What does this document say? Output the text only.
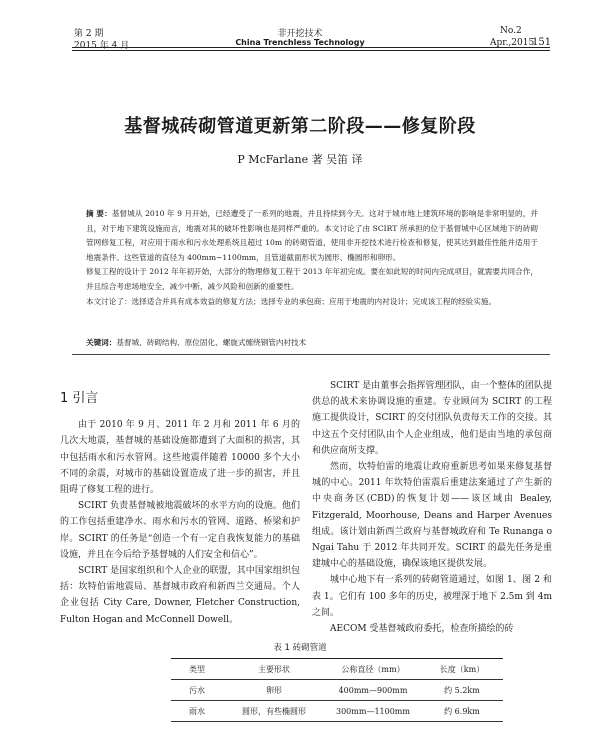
第 2 期	非开挖技术	No.2
2015 年 4 月	China Trenchless Technology	Apr.,2015
151
基督城砖砌管道更新第二阶段——修复阶段
P McFarlane 著 吴笛 译

摘 要：基督城从 2010 年 9 月开始，已经遭受了一系列的地震，并且持续到今天。这对于城市地上建筑环境的影响是非常明显的，并且，对于地下建筑设施而言，地震对其的破坏性影响也是同样严重的。本文讨论了由 SCIRT 所承担的位于基督城中心区域地下的砖砌管网修复工程，对应用于雨水和污水处理系统且超过 10m 的砖砌管道，使用非开挖技术进行检查和修复，使其达到最佳性能并适用于地震条件。这些管道的直径为 400mm~1100mm，且管道截面形状为圆形、椭圆形和卵形。

修复工程的设计于 2012 年年初开始，大部分的物理修复工程于 2013 年年初完成。要在如此短的时间内完成项目，就需要共同合作，并且综合考虑场地安全、减少中断、减少风险和创新的重要性。

本文讨论了：选择适合并具有成本效益的修复方法；选择专业的承包商；应用于地震的内衬设计；完成该工程的经验实施。

关键词：基督城、砖砌结构、原位固化、螺旋式缠绕钢管内衬技术
1 引言

由于 2010 年 9 月、2011 年 2 月和 2011 年 6 月的几次大地震，基督城的基础设施都遭到了大面积的损害，其中包括雨水和污水管网。这些地震伴随着 10000 多个大小不同的余震，对城市的基础设置造成了进一步的损害，并且阻碍了修复工程的进行。

SCIRT 负责基督城被地震破坏的水平方向的设施。他们的工作包括重建净水、雨水和污水的管网、道路、桥梁和护岸。SCIRT 的任务是“创造一个有一定自我恢复能力的基础设施，并且在今后给予基督城的人们安全和信心”。

SCIRT 是国家组织和个人企业的联盟，其中国家组织包括：坎特伯雷地震局、基督城市政府和新西兰交通局。个人企业包括 City Care, Downer, Fletcher Construction, Fulton Hogan and McConnell Dowell。

SCIRT 是由董事会指挥管理团队，由一个整体的团队提供总的战术来协调设施的重建。专业顾问为 SCIRT 的工程施工提供设计，SCIRT 的交付团队负责每天工作的交接。其中这五个交付团队由个人企业组成，他们是由当地的承包商和供应商所支撑。

然而，坎特伯雷的地震让政府重新思考如果来修复基督城的中心。2011 年坎特伯雷震后重建法案通过了产生新的中央商务区(CBD)的恢复计划——该区域由 Bealey, Fitzgerald, Moorhouse, Deans and Harper Avenues 组成。该计划由新西兰政府与基督城政府和 Te Runanga o Ngai Tahu 于 2012 年共同开发。SCIRT 的最先任务是重建城中心的基础设施，确保该地区提供发展。

城中心地下有一系列的砖砌管道通过，如图 1、图 2 和表 1。它们有 100 多年的历史，被埋深于地下 2.5m 到 4m 之间。

AECOM 受基督城政府委托，检查所描绘的砖

表 1 砖砌管道
类型	主要形状	公称直径（mm）	长度（km）
污水	卵形	400mm—900mm	约 5.2km
雨水	圆形，有些椭圆形	300mm—1100mm	约 6.9km
